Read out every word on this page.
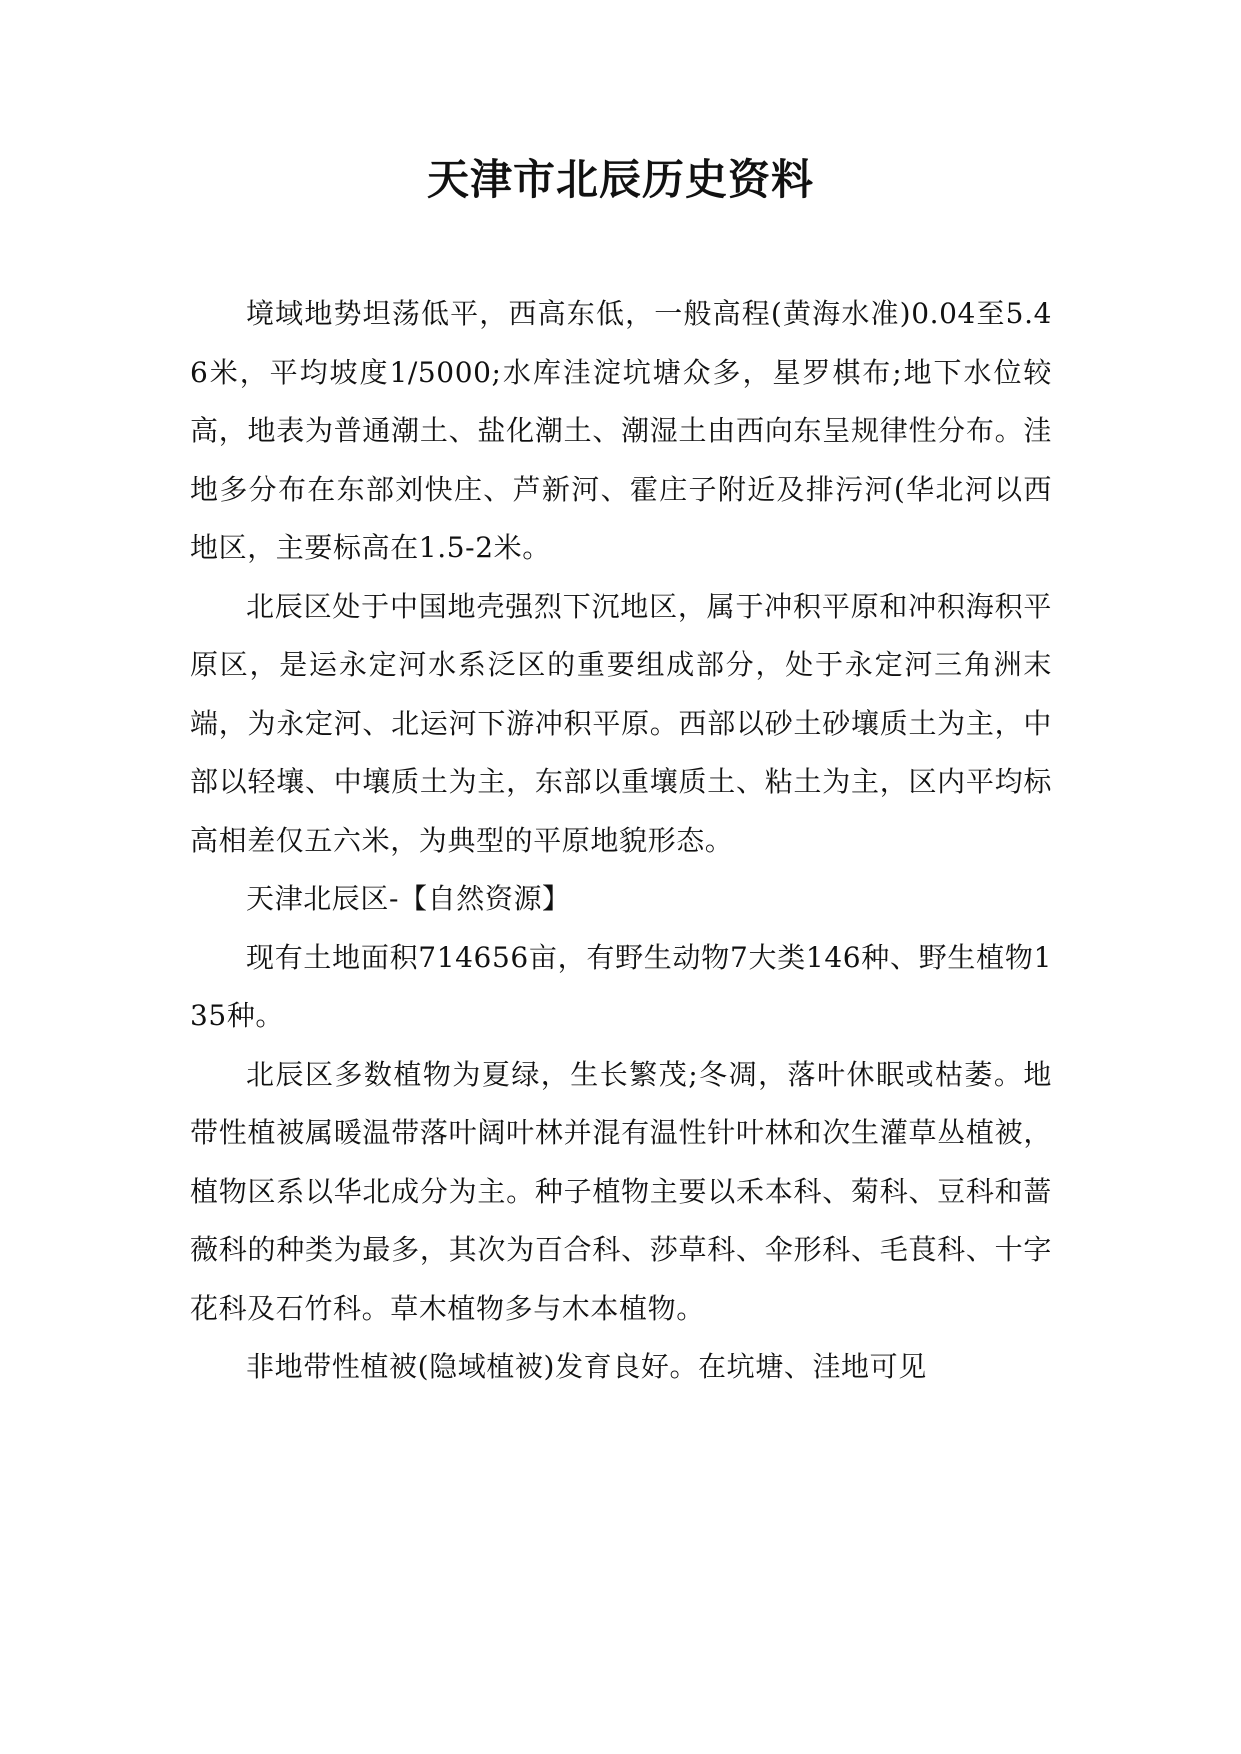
天津市北辰历史资料

境域地势坦荡低平，西高东低，一般高程(黄海水准)0.04至5.46米，平均坡度1/5000;水库洼淀坑塘众多，星罗棋布;地下水位较高，地表为普通潮土、盐化潮土、潮湿土由西向东呈规律性分布。洼地多分布在东部刘快庄、芦新河、霍庄子附近及排污河(华北河以西地区，主要标高在1.5-2米。

北辰区处于中国地壳强烈下沉地区，属于冲积平原和冲积海积平原区，是运永定河水系泛区的重要组成部分，处于永定河三角洲末端，为永定河、北运河下游冲积平原。西部以砂土砂壤质土为主，中部以轻壤、中壤质土为主，东部以重壤质土、粘土为主，区内平均标高相差仅五六米，为典型的平原地貌形态。

天津北辰区-【自然资源】

现有土地面积714656亩，有野生动物7大类146种、野生植物135种。

北辰区多数植物为夏绿，生长繁茂;冬凋，落叶休眠或枯萎。地带性植被属暖温带落叶阔叶林并混有温性针叶林和次生灌草丛植被，植物区系以华北成分为主。种子植物主要以禾本科、菊科、豆科和蔷薇科的种类为最多，其次为百合科、莎草科、伞形科、毛茛科、十字花科及石竹科。草木植物多与木本植物。

非地带性植被(隐域植被)发育良好。在坑塘、洼地可见
